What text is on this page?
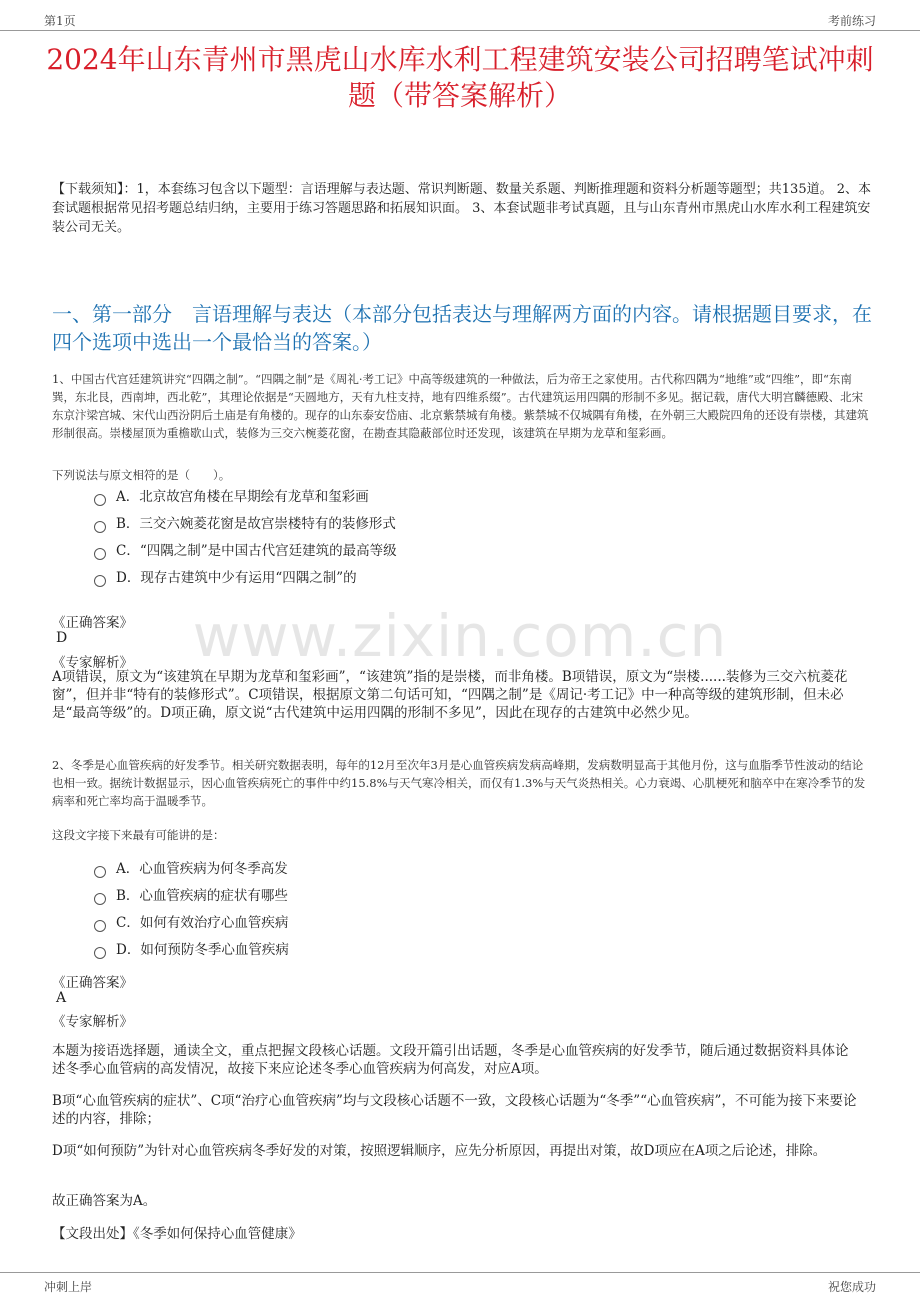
第1页	考前练习
2024年山东青州市黑虎山水库水利工程建筑安装公司招聘笔试冲刺题（带答案解析）
【下载须知】：1，本套练习包含以下题型：言语理解与表达题、常识判断题、数量关系题、判断推理题和资料分析题等题型；共135道。 2、本套试题根据常见招考题总结归纳，主要用于练习答题思路和拓展知识面。 3、本套试题非考试真题，且与山东青州市黑虎山水库水利工程建筑安装公司无关。
一、第一部分　言语理解与表达（本部分包括表达与理解两方面的内容。请根据题目要求，在四个选项中选出一个最恰当的答案。）
www.zixin.com.cn
1、中国古代宫廷建筑讲究“四隅之制”。“四隅之制”是《周礼·考工记》中高等级建筑的一种做法，后为帝王之家使用。古代称四隅为“地维”或“四维”，即“东南巽，东北艮，西南坤，西北乾”，其理论依据是“天圆地方，天有九柱支持，地有四维系缀”。古代建筑运用四隅的形制不多见。据记载，唐代大明宫麟德殿、北宋东京汴梁宫城、宋代山西汾阴后土庙是有角楼的。现存的山东泰安岱庙、北京紫禁城有角楼。紫禁城不仅城隅有角楼，在外朝三大殿院四角的还设有崇楼，其建筑形制很高。崇楼屋顶为重檐歇山式，装修为三交六椀菱花窗，在勘查其隐蔽部位时还发现，该建筑在早期为龙草和玺彩画。
下列说法与原文相符的是（　　）。
A．北京故宫角楼在早期绘有龙草和玺彩画
B．三交六婉菱花窗是故宫崇楼特有的装修形式
C．“四隅之制”是中国古代宫廷建筑的最高等级
D．现存古建筑中少有运用“四隅之制”的
《正确答案》
D
《专家解析》
A项错误，原文为“该建筑在早期为龙草和玺彩画”，“该建筑”指的是崇楼，而非角楼。B项错误，原文为“崇楼......装修为三交六杭菱花窗”，但并非“特有的装修形式”。C项错误，根据原文第二句话可知，“四隅之制”是《周记·考工记》中一种高等级的建筑形制，但未必是“最高等级”的。D项正确，原文说“古代建筑中运用四隅的形制不多见”，因此在现存的古建筑中必然少见。
2、冬季是心血管疾病的好发季节。相关研究数据表明，每年的12月至次年3月是心血管疾病发病高峰期，发病数明显高于其他月份，这与血脂季节性波动的结论也相一致。据统计数据显示，因心血管疾病死亡的事件中约15.8%与天气寒冷相关，而仅有1.3%与天气炎热相关。心力衰竭、心肌梗死和脑卒中在寒冷季节的发病率和死亡率均高于温暖季节。
这段文字接下来最有可能讲的是：
A．心血管疾病为何冬季高发
B．心血管疾病的症状有哪些
C．如何有效治疗心血管疾病
D．如何预防冬季心血管疾病
《正确答案》
A
《专家解析》
本题为接语选择题，通读全文，重点把握文段核心话题。文段开篇引出话题，冬季是心血管疾病的好发季节，随后通过数据资料具体论述冬季心血管病的高发情况，故接下来应论述冬季心血管疾病为何高发，对应A项。
B项“心血管疾病的症状”、C项“治疗心血管疾病”均与文段核心话题不一致，文段核心话题为“冬季”“心血管疾病”，不可能为接下来要论述的内容，排除；
D项“如何预防”为针对心血管疾病冬季好发的对策，按照逻辑顺序，应先分析原因，再提出对策，故D项应在A项之后论述，排除。
故正确答案为A。
【文段出处】《冬季如何保持心血管健康》
冲刺上岸	祝您成功
